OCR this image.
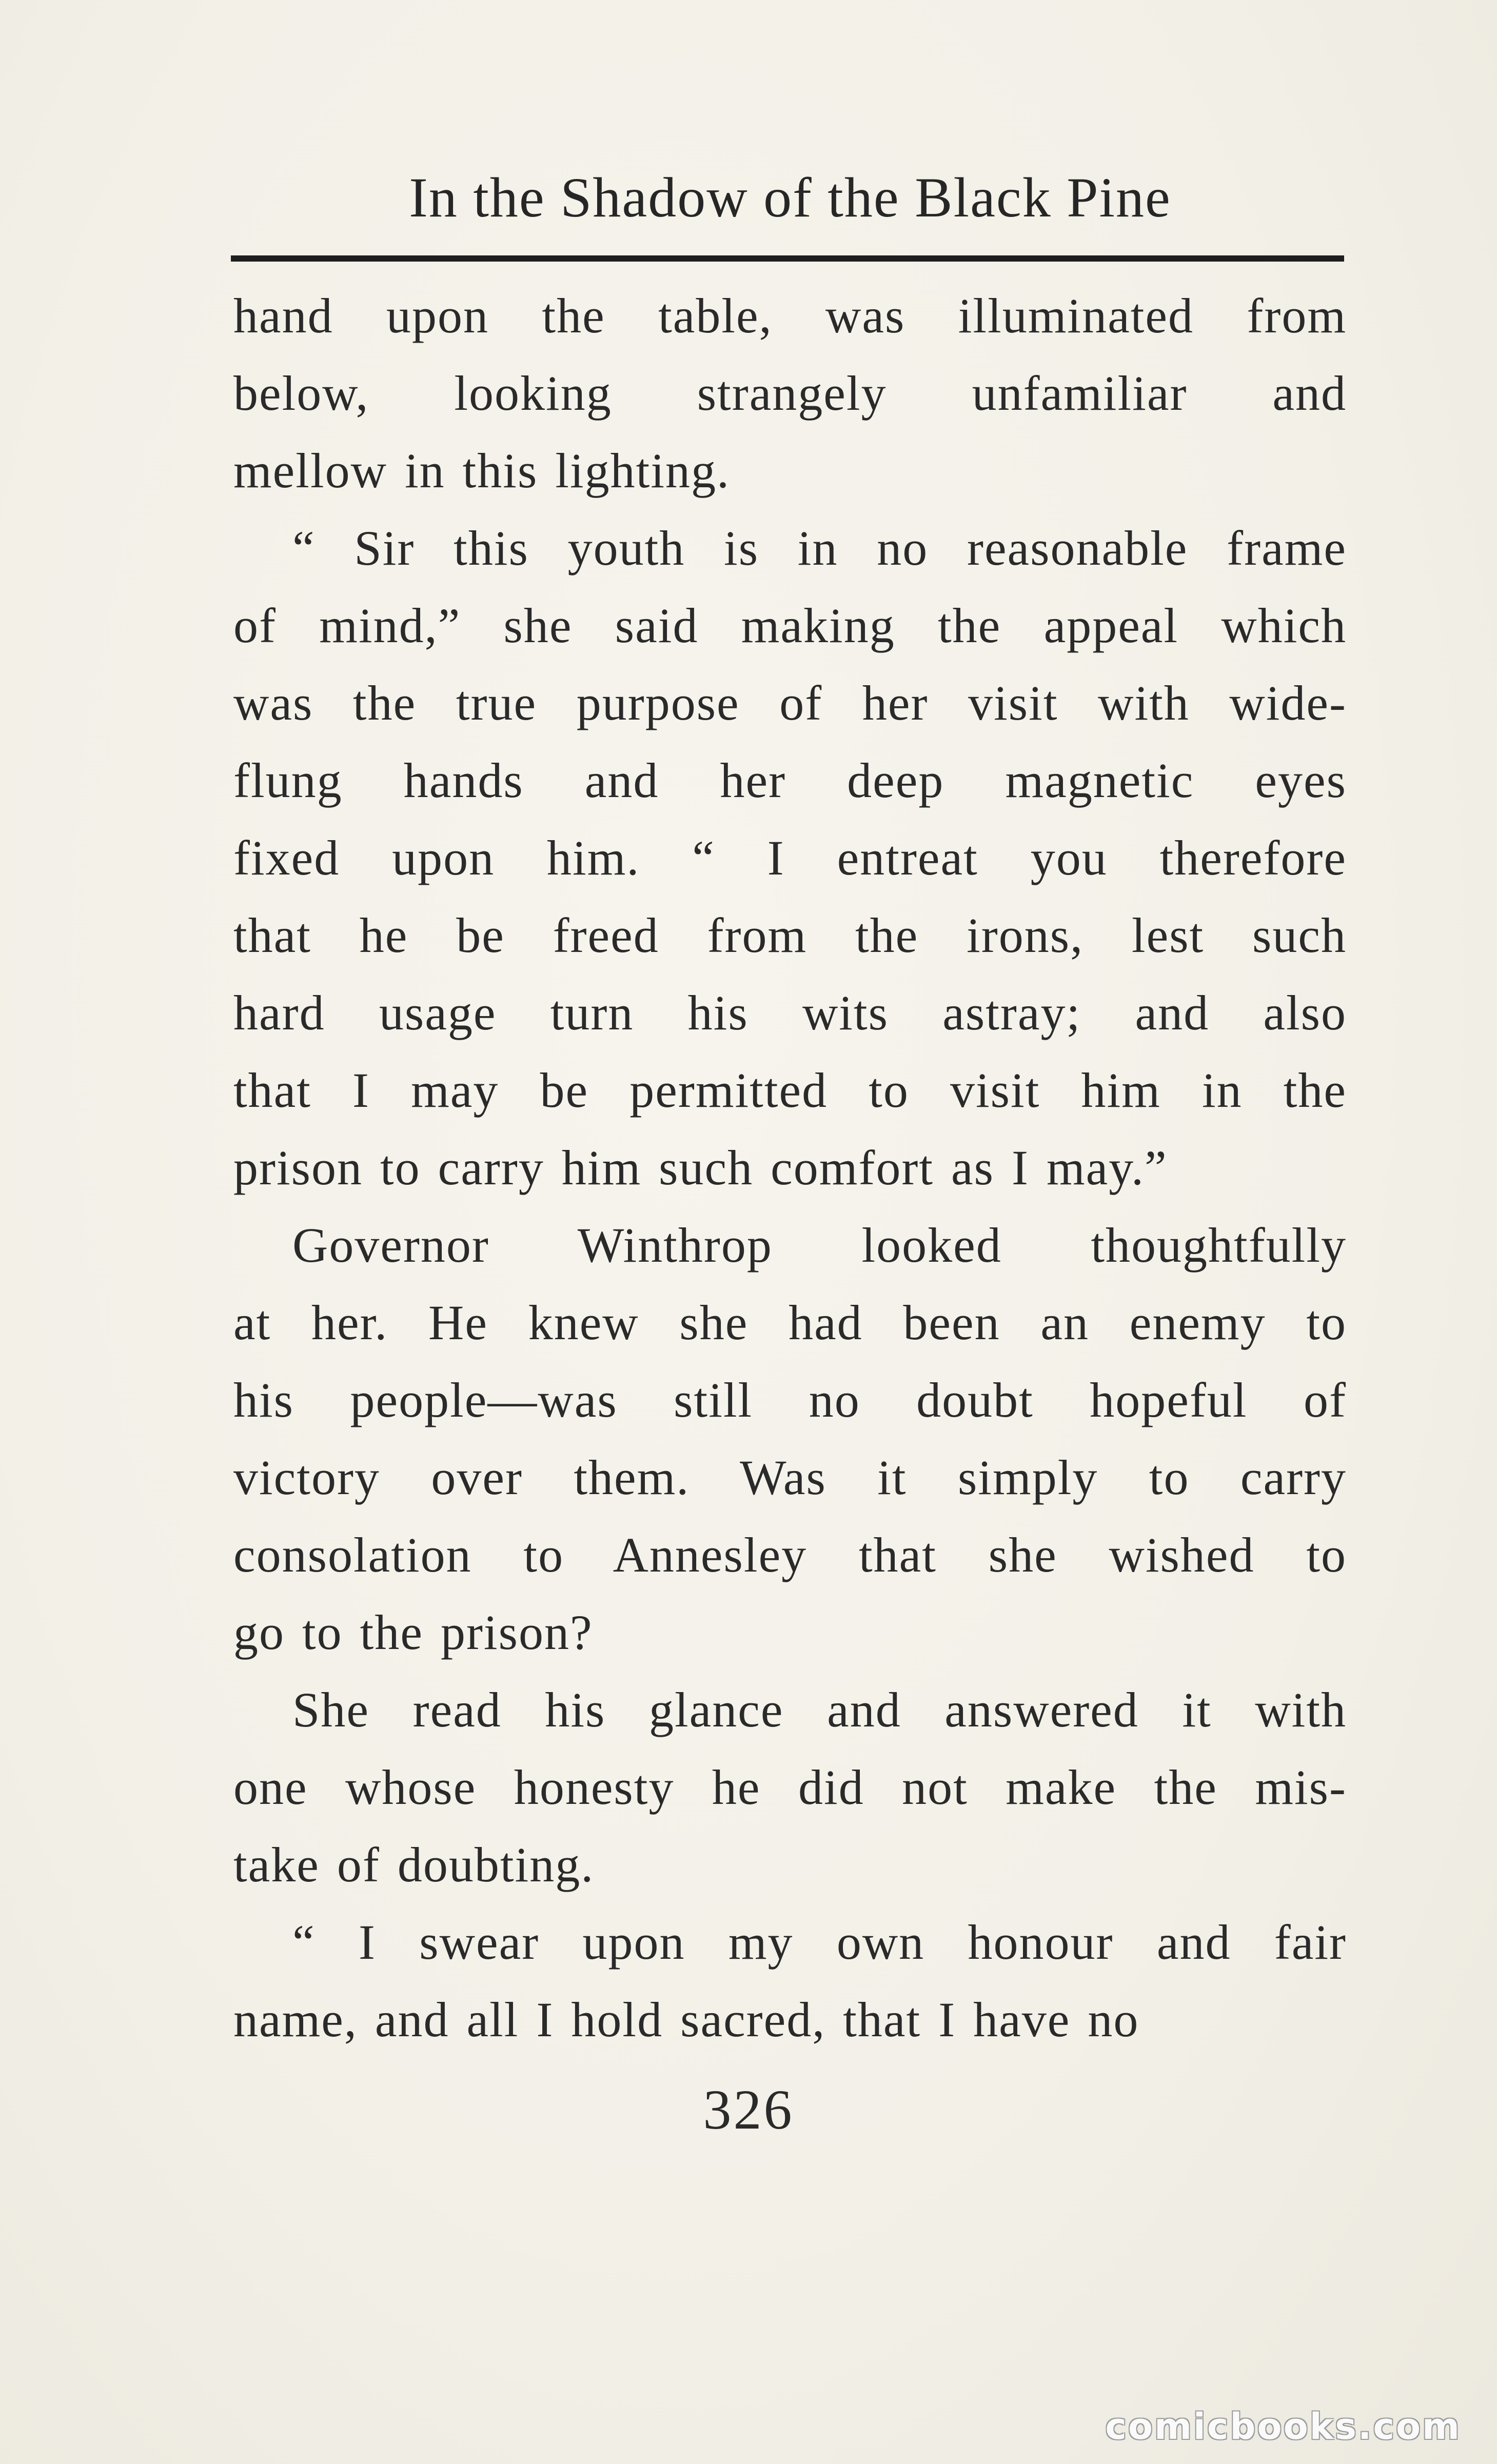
In the Shadow of the Black Pine

hand upon the table, was illuminated from
below, looking strangely unfamiliar and
mellow in this lighting.

“ Sir this youth is in no reasonable frame
of mind,” she said making the appeal which
was the true purpose of her visit with wide-
flung hands and her deep magnetic eyes
fixed upon him. “ I entreat you therefore
that he be freed from the irons, lest such
hard usage turn his wits astray; and also
that I may be permitted to visit him in the
prison to carry him such comfort as I may.”

Governor Winthrop looked thoughtfully
at her. He knew she had been an enemy to
his people—was still no doubt hopeful of
victory over them. Was it simply to carry
consolation to Annesley that she wished to
go to the prison?

She read his glance and answered it with
one whose honesty he did not make the mis-
take of doubting.

“ I swear upon my own honour and fair
name, and all I hold sacred, that I have no

326
comicbooks.com
